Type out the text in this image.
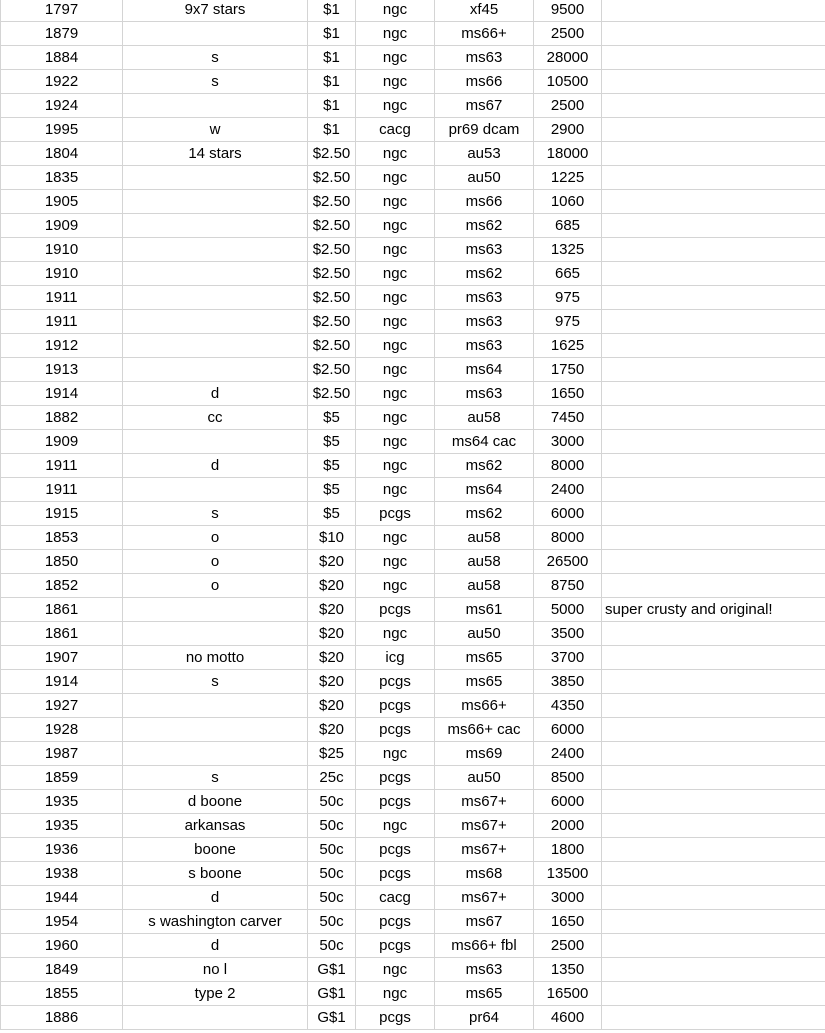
1797	9x7 stars	$1	ngc	xf45	9500	
1879		$1	ngc	ms66+	2500	
1884	s	$1	ngc	ms63	28000	
1922	s	$1	ngc	ms66	10500	
1924		$1	ngc	ms67	2500	
1995	w	$1	cacg	pr69 dcam	2900	
1804	14 stars	$2.50	ngc	au53	18000	
1835		$2.50	ngc	au50	1225	
1905		$2.50	ngc	ms66	1060	
1909		$2.50	ngc	ms62	685	
1910		$2.50	ngc	ms63	1325	
1910		$2.50	ngc	ms62	665	
1911		$2.50	ngc	ms63	975	
1911		$2.50	ngc	ms63	975	
1912		$2.50	ngc	ms63	1625	
1913		$2.50	ngc	ms64	1750	
1914	d	$2.50	ngc	ms63	1650	
1882	cc	$5	ngc	au58	7450	
1909		$5	ngc	ms64 cac	3000	
1911	d	$5	ngc	ms62	8000	
1911		$5	ngc	ms64	2400	
1915	s	$5	pcgs	ms62	6000	
1853	o	$10	ngc	au58	8000	
1850	o	$20	ngc	au58	26500	
1852	o	$20	ngc	au58	8750	
1861		$20	pcgs	ms61	5000	super crusty and original!
1861		$20	ngc	au50	3500	
1907	no motto	$20	icg	ms65	3700	
1914	s	$20	pcgs	ms65	3850	
1927		$20	pcgs	ms66+	4350	
1928		$20	pcgs	ms66+ cac	6000	
1987		$25	ngc	ms69	2400	
1859	s	25c	pcgs	au50	8500	
1935	d boone	50c	pcgs	ms67+	6000	
1935	arkansas	50c	ngc	ms67+	2000	
1936	boone	50c	pcgs	ms67+	1800	
1938	s boone	50c	pcgs	ms68	13500	
1944	d	50c	cacg	ms67+	3000	
1954	s washington carver	50c	pcgs	ms67	1650	
1960	d	50c	pcgs	ms66+ fbl	2500	
1849	no l	G$1	ngc	ms63	1350	
1855	type 2	G$1	ngc	ms65	16500	
1886		G$1	pcgs	pr64	4600	
